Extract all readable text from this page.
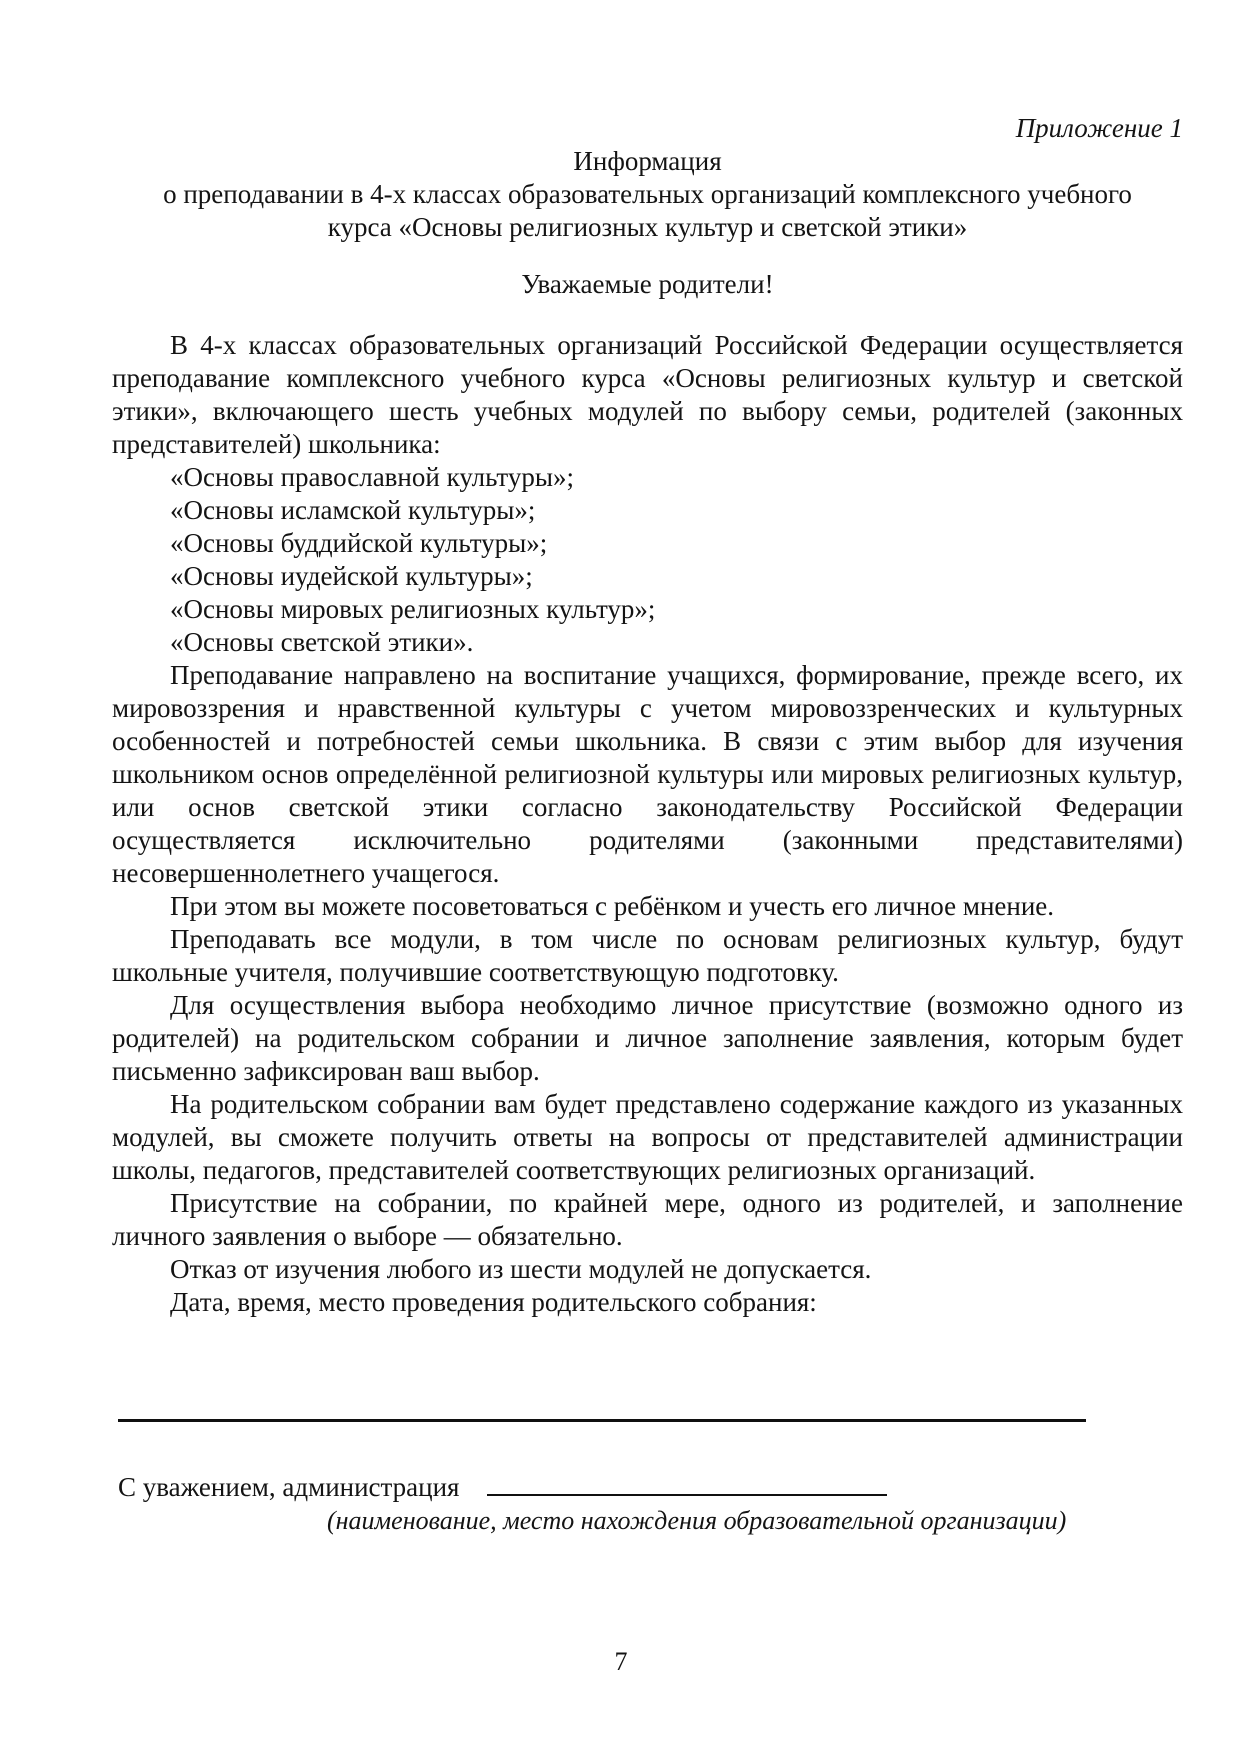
Приложение 1
Информация
о преподавании в 4-х классах образовательных организаций комплексного учебного
курса «Основы религиозных культур и светской этики»
Уважаемые родители!

В 4-х классах образовательных организаций Российской Федерации осуществляется преподавание комплексного учебного курса «Основы религиозных культур и светской этики», включающего шесть учебных модулей по выбору семьи, родителей (законных представителей) школьника:

«Основы православной культуры»;
«Основы исламской культуры»;
«Основы буддийской культуры»;
«Основы иудейской культуры»;
«Основы мировых религиозных культур»;
«Основы светской этики».

Преподавание направлено на воспитание учащихся, формирование, прежде всего, их мировоззрения и нравственной культуры с учетом мировоззренческих и культурных особенностей и потребностей семьи школьника. В связи с этим выбор для изучения школьником основ определённой религиозной культуры или мировых религиозных культур, или основ светской этики согласно законодательству Российской Федерации осуществляется исключительно родителями (законными представителями) несовершеннолетнего учащегося.

При этом вы можете посоветоваться с ребёнком и учесть его личное мнение.

Преподавать все модули, в том числе по основам религиозных культур, будут школьные учителя, получившие соответствующую подготовку.

Для осуществления выбора необходимо личное присутствие (возможно одного из родителей) на родительском собрании и личное заполнение заявления, которым будет письменно зафиксирован ваш выбор.

На родительском собрании вам будет представлено содержание каждого из указанных модулей, вы сможете получить ответы на вопросы от представителей администрации школы, педагогов, представителей соответствующих религиозных организаций.

Присутствие на собрании, по крайней мере, одного из родителей, и заполнение личного заявления о выборе — обязательно.

Отказ от изучения любого из шести модулей не допускается.

Дата, время, место проведения родительского собрания:

С уважением, администрация
(наименование, место нахождения образовательной организации)
7
